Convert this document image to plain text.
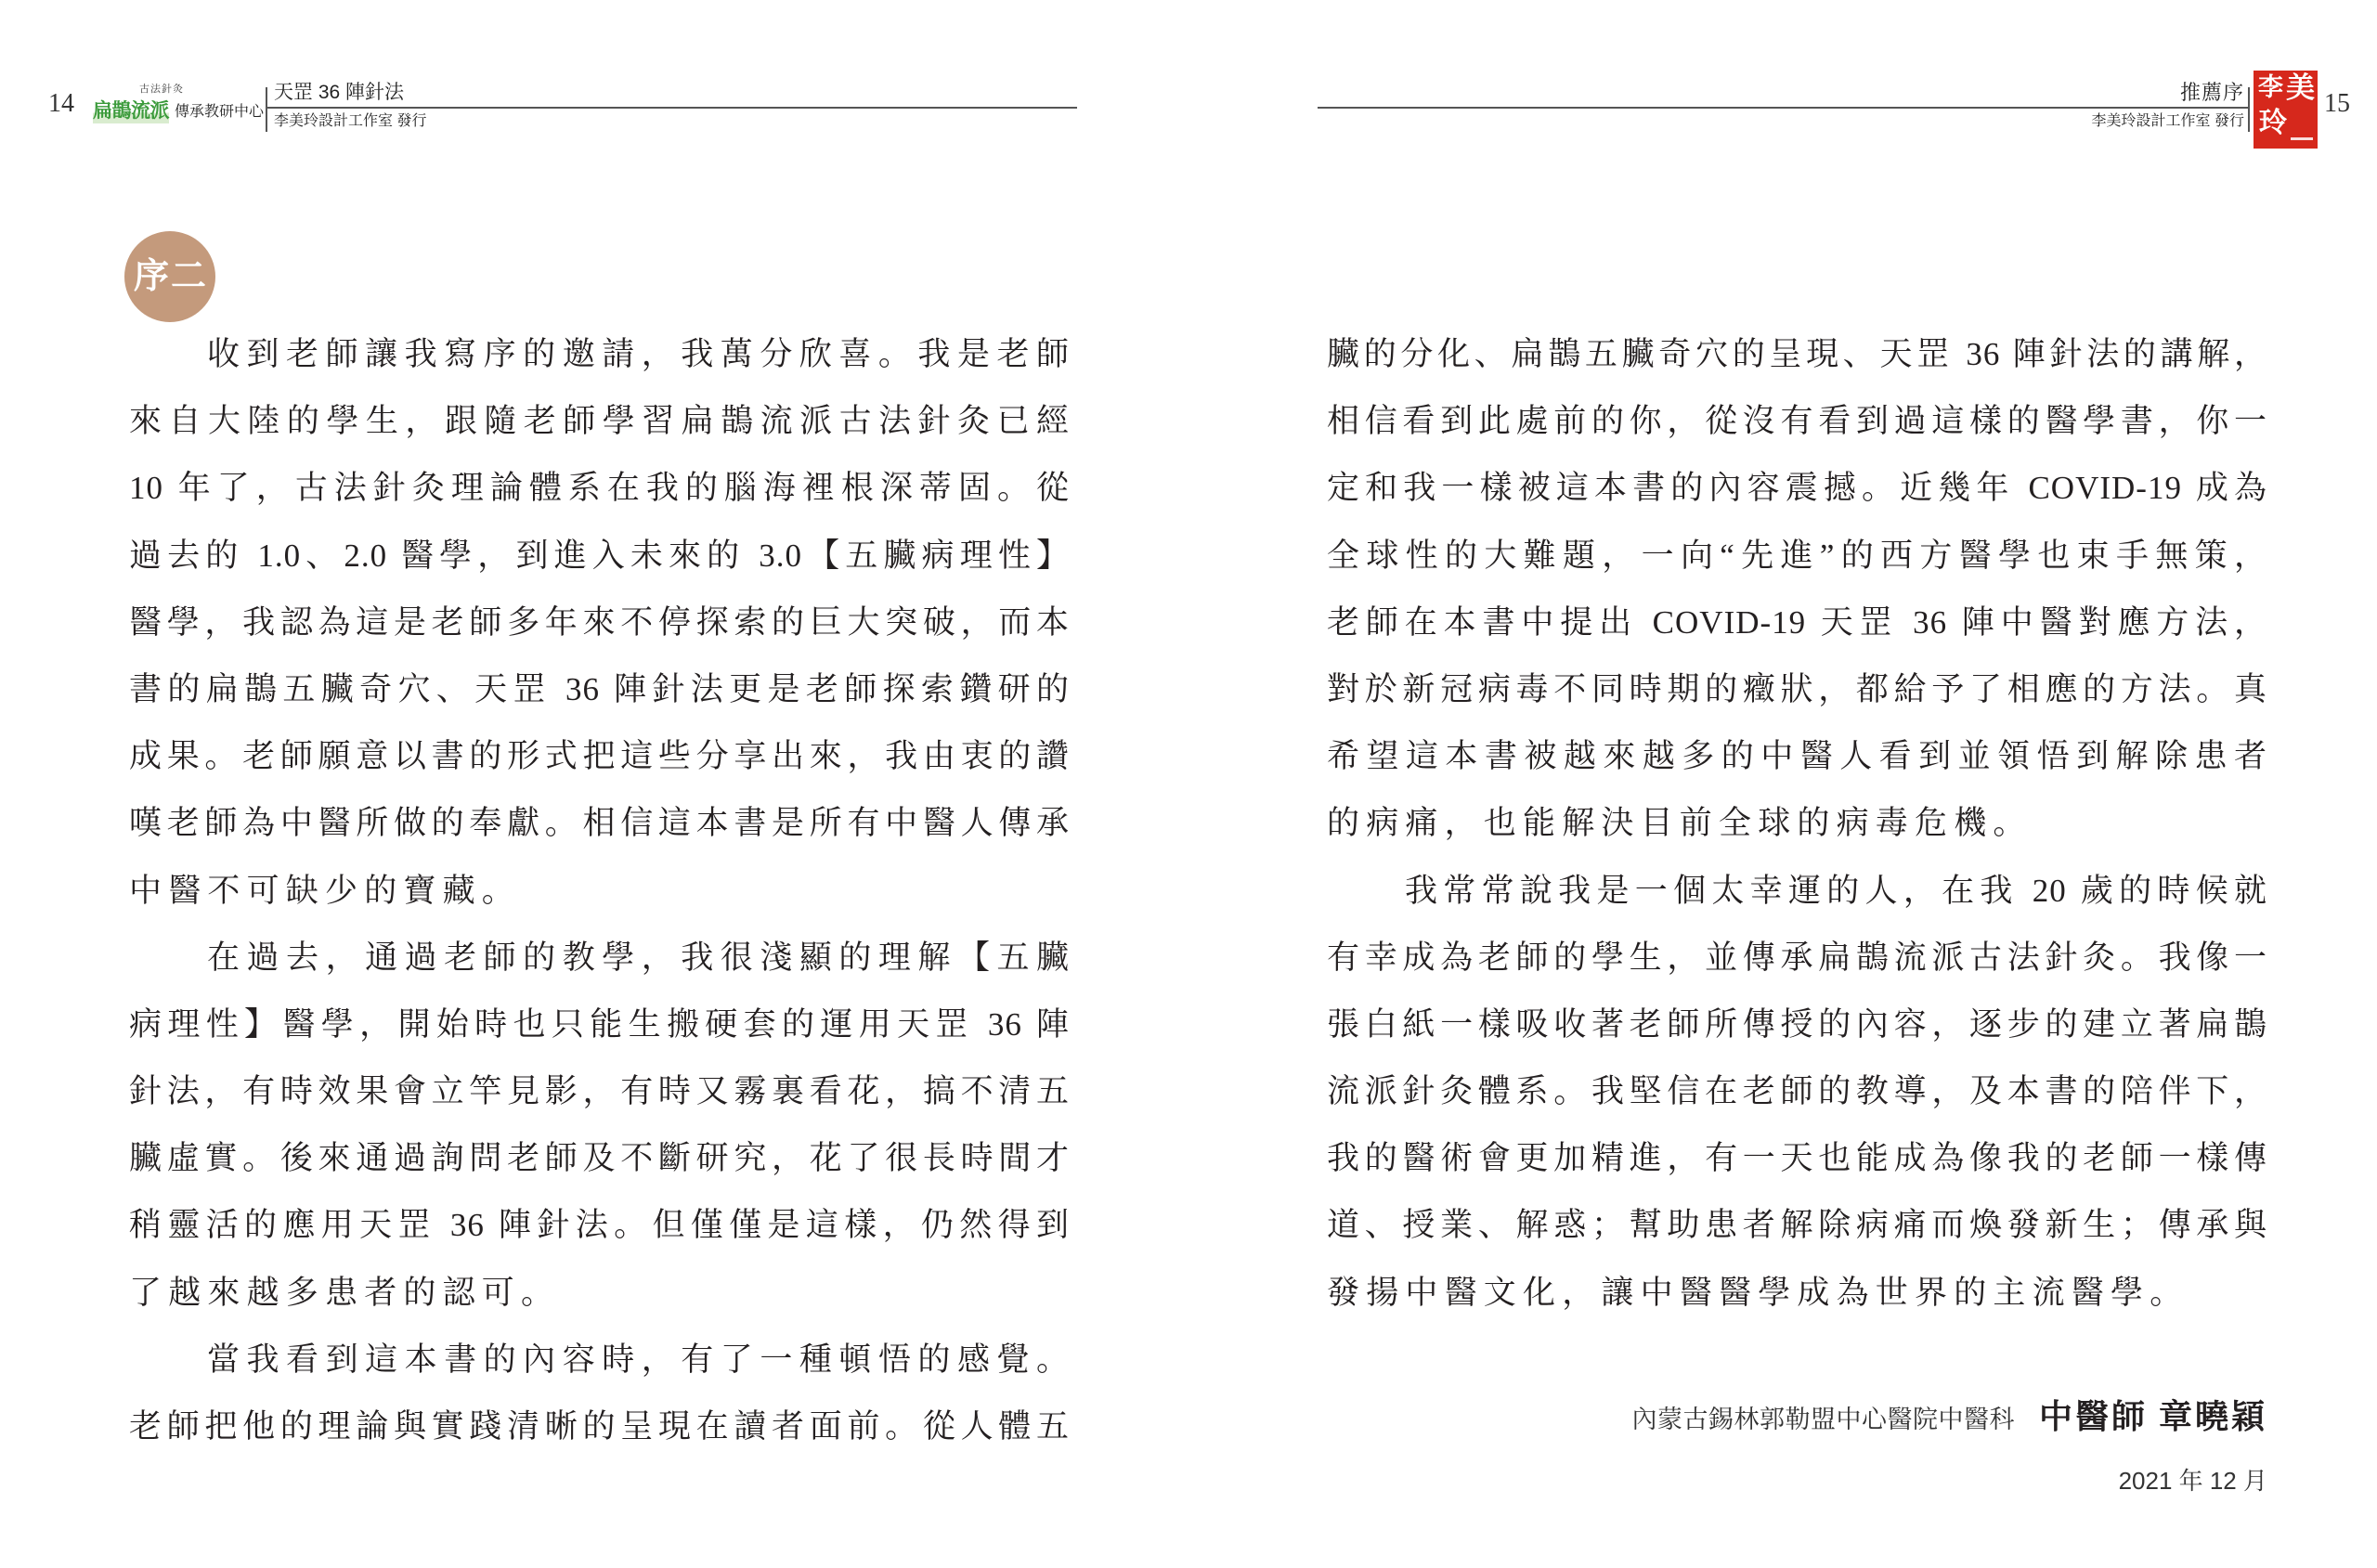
14	古法針灸
扁鵲流派 傳承教研中心
天罡 36 陣針法
李美玲設計工作室 發行
序二
收到老師讓我寫序的邀請，我萬分欣喜。我是老師
來自大陸的學生，跟隨老師學習扁鵲流派古法針灸已經
10 年了，古法針灸理論體系在我的腦海裡根深蒂固。從
過去的 1.0、2.0 醫學，到進入未來的 3.0【五臟病理性】
醫學，我認為這是老師多年來不停探索的巨大突破，而本
書的扁鵲五臟奇穴、天罡 36 陣針法更是老師探索鑽研的
成果。老師願意以書的形式把這些分享出來，我由衷的讚
嘆老師為中醫所做的奉獻。相信這本書是所有中醫人傳承
中醫不可缺少的寶藏。
在過去，通過老師的教學，我很淺顯的理解【五臟
病理性】醫學，開始時也只能生搬硬套的運用天罡 36 陣
針法，有時效果會立竿見影，有時又霧裏看花，搞不清五
臟虛實。後來通過詢問老師及不斷研究，花了很長時間才
稍靈活的應用天罡 36 陣針法。但僅僅是這樣，仍然得到
了越來越多患者的認可。
當我看到這本書的內容時，有了一種頓悟的感覺。
老師把他的理論與實踐清晰的呈現在讀者面前。從人體五
推薦序
李美玲設計工作室 發行
李 美
玲
15
臟的分化、扁鵲五臟奇穴的呈現、天罡 36 陣針法的講解，
相信看到此處前的你，從沒有看到過這樣的醫學書，你一
定和我一樣被這本書的內容震撼。近幾年 COVID-19 成為
全球性的大難題，一向“先進”的西方醫學也束手無策，
老師在本書中提出 COVID-19 天罡 36 陣中醫對應方法，
對於新冠病毒不同時期的癥狀，都給予了相應的方法。真
希望這本書被越來越多的中醫人看到並領悟到解除患者
的病痛，也能解決目前全球的病毒危機。
我常常說我是一個太幸運的人，在我 20 歲的時候就
有幸成為老師的學生，並傳承扁鵲流派古法針灸。我像一
張白紙一樣吸收著老師所傳授的內容，逐步的建立著扁鵲
流派針灸體系。我堅信在老師的教導，及本書的陪伴下，
我的醫術會更加精進，有一天也能成為像我的老師一樣傳
道、授業、解惑；幫助患者解除病痛而煥發新生；傳承與
發揚中醫文化，讓中醫醫學成為世界的主流醫學。
內蒙古錫林郭勒盟中心醫院中醫科 中醫師 章曉穎
2021 年 12 月
